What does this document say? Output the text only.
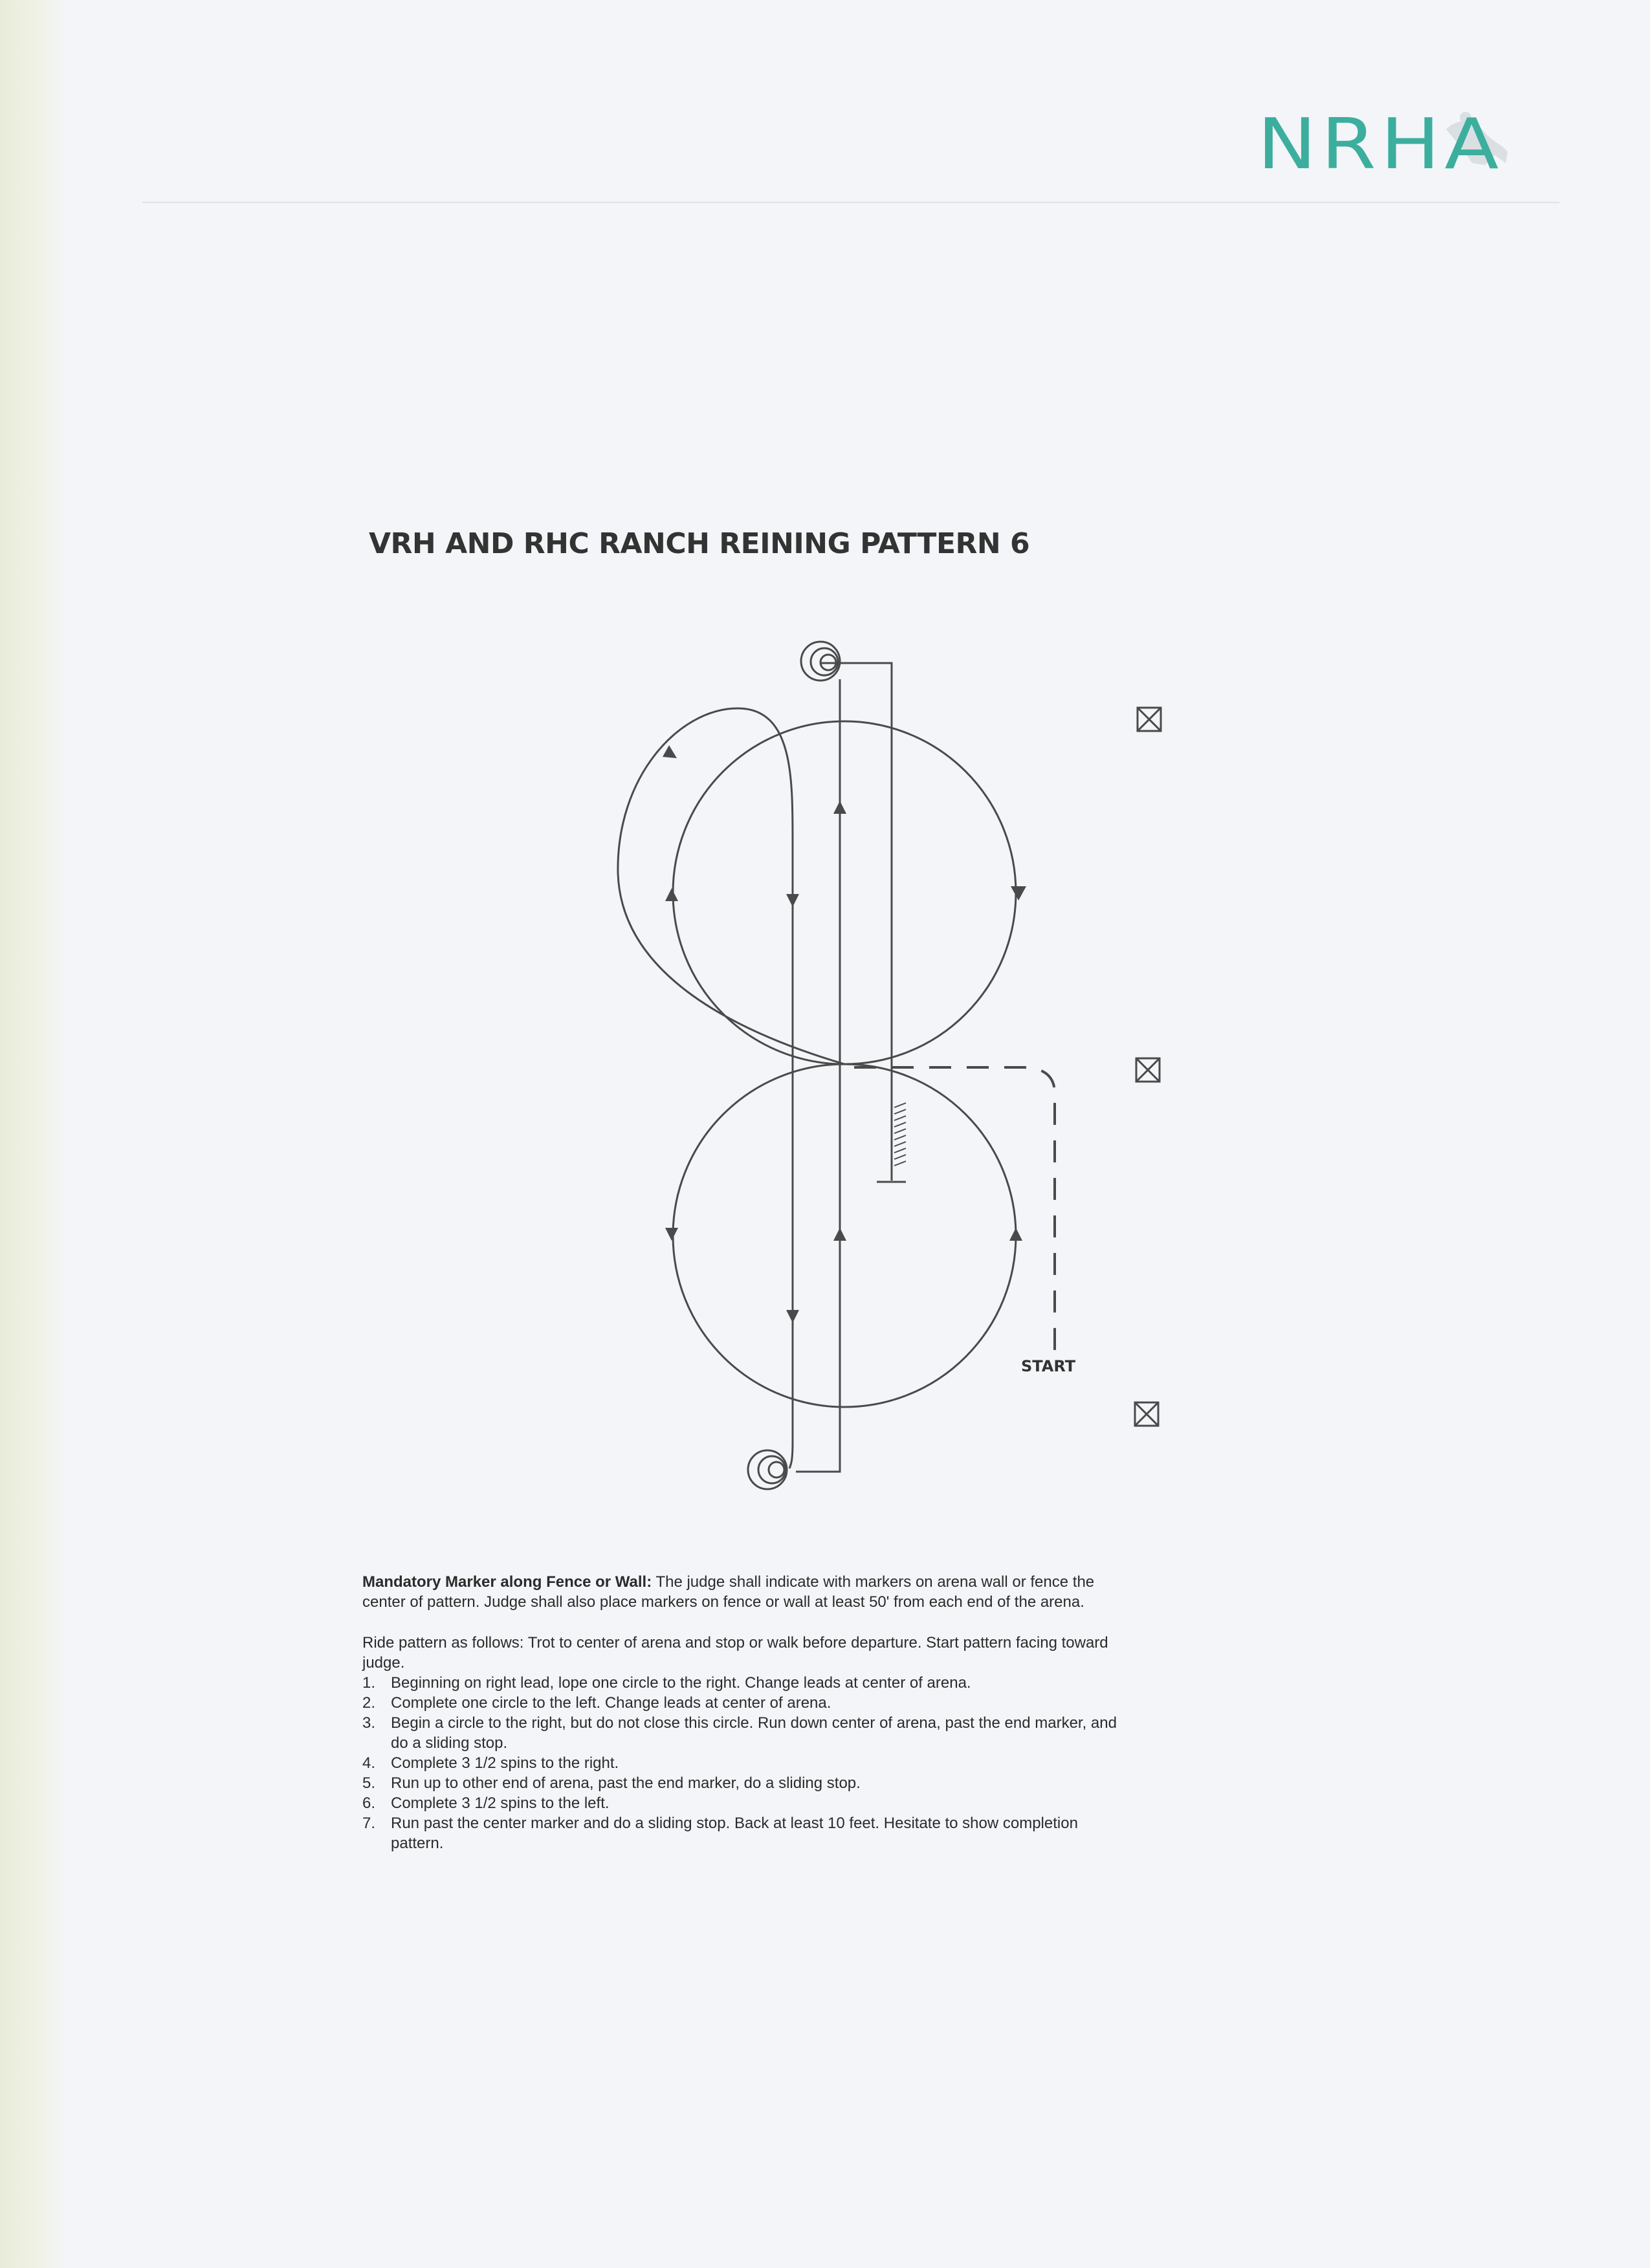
NRHA
VRH AND RHC RANCH REINING PATTERN 6
START

Mandatory Marker along Fence or Wall: The judge shall indicate with markers on arena wall or fence the center of pattern. Judge shall also place markers on fence or wall at least 50' from each end of the arena.

Ride pattern as follows: Trot to center of arena and stop or walk before departure. Start pattern facing toward judge.
1. Beginning on right lead, lope one circle to the right. Change leads at center of arena.
2. Complete one circle to the left. Change leads at center of arena.
3. Begin a circle to the right, but do not close this circle. Run down center of arena, past the end marker, and do a sliding stop.
4. Complete 3 1/2 spins to the right.
5. Run up to other end of arena, past the end marker, do a sliding stop.
6. Complete 3 1/2 spins to the left.
7. Run past the center marker and do a sliding stop. Back at least 10 feet. Hesitate to show completion pattern.
